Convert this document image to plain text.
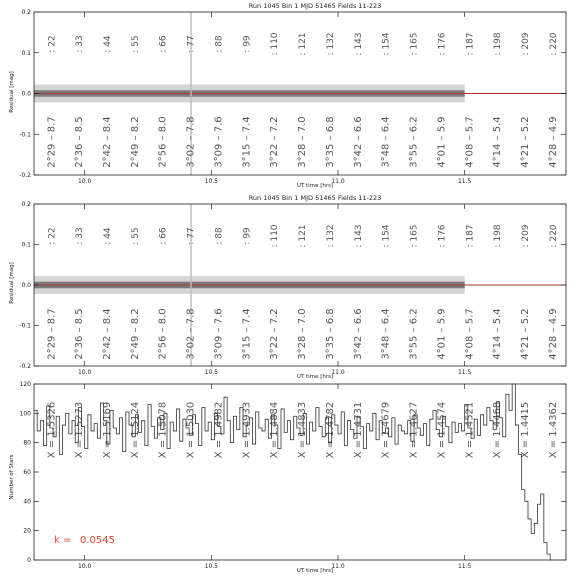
Run 1045 Bin 1 MJD 51465 Fields 11-223
10.0	10.5	11.0	11.5
-0.2
-0.1
0.0
0.1
0.2
: 22 : 33 : 44 : 55 : 66 : 77 : 88 : 99 : 110 : 121 : 132 : 143 : 154 : 165 : 176 : 187 : 198 : 209 : 220
2°29 – 8.7 2°36 – 8.5 2°42 – 8.4 2°49 – 8.2 2°56 – 8.0 3°02 – 7.8 3°09 – 7.6 3°15 – 7.4 3°22 – 7.2 3°28 – 7.0 3°35 – 6.8 3°42 – 6.6 3°48 – 6.4 3°55 – 6.2 4°01 – 5.9 4°08 – 5.7 4°14 – 5.4 4°21 – 5.2 4°28 – 4.9
UT time [hrs]
Residual [mag]
Run 1045 Bin 1 MJD 51465 Fields 11-223
10.0	10.5	11.0	11.5
-0.2
-0.1
0.0
0.1
0.2
: 22 : 33 : 44 : 55 : 66 : 77 : 88 : 99 : 110 : 121 : 132 : 143 : 154 : 165 : 176 : 187 : 198 : 209 : 220
2°29 – 8.7 2°36 – 8.5 2°42 – 8.4 2°49 – 8.2 2°56 – 8.0 3°02 – 7.8 3°09 – 7.6 3°15 – 7.4 3°22 – 7.2 3°28 – 7.0 3°35 – 6.8 3°42 – 6.6 3°48 – 6.4 3°55 – 6.2 4°01 – 5.9 4°08 – 5.7 4°14 – 5.4 4°21 – 5.2 4°28 – 4.9
UT time [hrs]
Residual [mag]
10.0	10.5	11.0	11.5
0
20
40
60
80
100
120
X = 1.5326 X = 1.5273 X = 1.5169 X = 1.5124 X = 1.5078 X = 1.5030 X = 1.4982 X = 1.4933 X = 1.4884 X = 1.4833 X = 1.4782 X = 1.4731 X = 1.4679 X = 1.4627 X = 1.4574 X = 1.4521 X = 1.4468 X = 1.4415 X = 1.4362
k = 0.0545
UT time [hrs]
Number of Stars
